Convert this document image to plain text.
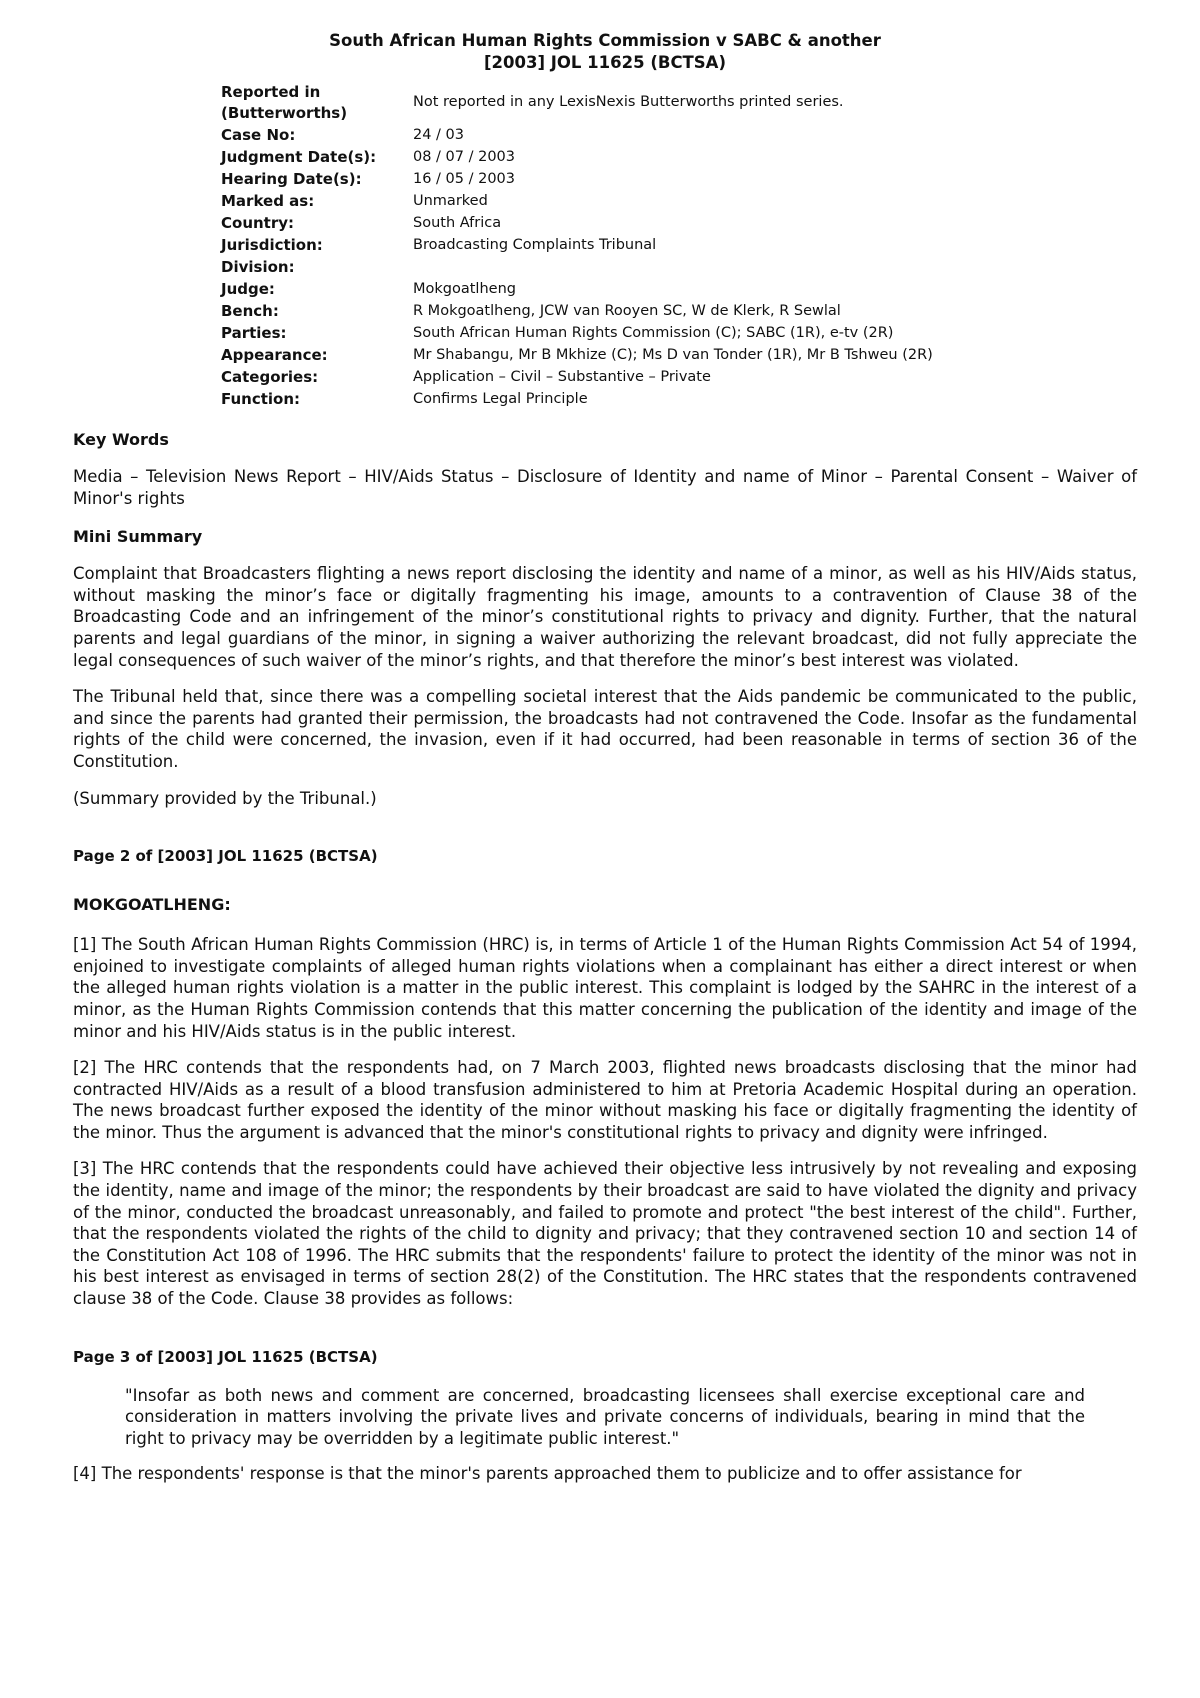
South African Human Rights Commission v SABC & another
[2003] JOL 11625 (BCTSA)
Reported in (Butterworths)	Not reported in any LexisNexis Butterworths printed series.
Case No:	24 / 03
Judgment Date(s):	08 / 07 / 2003
Hearing Date(s):	16 / 05 / 2003
Marked as:	Unmarked
Country:	South Africa
Jurisdiction:	Broadcasting Complaints Tribunal
Division:	
Judge:	Mokgoatlheng
Bench:	R Mokgoatlheng, JCW van Rooyen SC, W de Klerk, R Sewlal
Parties:	South African Human Rights Commission (C); SABC (1R), e-tv (2R)
Appearance:	Mr Shabangu, Mr B Mkhize (C); Ms D van Tonder (1R), Mr B Tshweu (2R)
Categories:	Application – Civil – Substantive – Private
Function:	Confirms Legal Principle
Key Words

Media – Television News Report – HIV/Aids Status – Disclosure of Identity and name of Minor – Parental Consent – Waiver of Minor's rights

Mini Summary

Complaint that Broadcasters flighting a news report disclosing the identity and name of a minor, as well as his HIV/Aids status, without masking the minor’s face or digitally fragmenting his image, amounts to a contravention of Clause 38 of the Broadcasting Code and an infringement of the minor’s constitutional rights to privacy and dignity. Further, that the natural parents and legal guardians of the minor, in signing a waiver authorizing the relevant broadcast, did not fully appreciate the legal consequences of such waiver of the minor’s rights, and that therefore the minor’s best interest was violated.

The Tribunal held that, since there was a compelling societal interest that the Aids pandemic be communicated to the public, and since the parents had granted their permission, the broadcasts had not contravened the Code. Insofar as the fundamental rights of the child were concerned, the invasion, even if it had occurred, had been reasonable in terms of section 36 of the Constitution.

(Summary provided by the Tribunal.)

Page 2 of [2003] JOL 11625 (BCTSA)
MOKGOATLHENG:

[1] The South African Human Rights Commission (HRC) is, in terms of Article 1 of the Human Rights Commission Act 54 of 1994, enjoined to investigate complaints of alleged human rights violations when a complainant has either a direct interest or when the alleged human rights violation is a matter in the public interest. This complaint is lodged by the SAHRC in the interest of a minor, as the Human Rights Commission contends that this matter concerning the publication of the identity and image of the minor and his HIV/Aids status is in the public interest.

[2] The HRC contends that the respondents had, on 7 March 2003, flighted news broadcasts disclosing that the minor had contracted HIV/Aids as a result of a blood transfusion administered to him at Pretoria Academic Hospital during an operation. The news broadcast further exposed the identity of the minor without masking his face or digitally fragmenting the identity of the minor. Thus the argument is advanced that the minor's constitutional rights to privacy and dignity were infringed.

[3] The HRC contends that the respondents could have achieved their objective less intrusively by not revealing and exposing the identity, name and image of the minor; the respondents by their broadcast are said to have violated the dignity and privacy of the minor, conducted the broadcast unreasonably, and failed to promote and protect "the best interest of the child". Further, that the respondents violated the rights of the child to dignity and privacy; that they contravened section 10 and section 14 of the Constitution Act 108 of 1996. The HRC submits that the respondents' failure to protect the identity of the minor was not in his best interest as envisaged in terms of section 28(2) of the Constitution. The HRC states that the respondents contravened clause 38 of the Code. Clause 38 provides as follows:

Page 3 of [2003] JOL 11625 (BCTSA)

"Insofar as both news and comment are concerned, broadcasting licensees shall exercise exceptional care and consideration in matters involving the private lives and private concerns of individuals, bearing in mind that the right to privacy may be overridden by a legitimate public interest."

[4] The respondents' response is that the minor's parents approached them to publicize and to offer assistance for
